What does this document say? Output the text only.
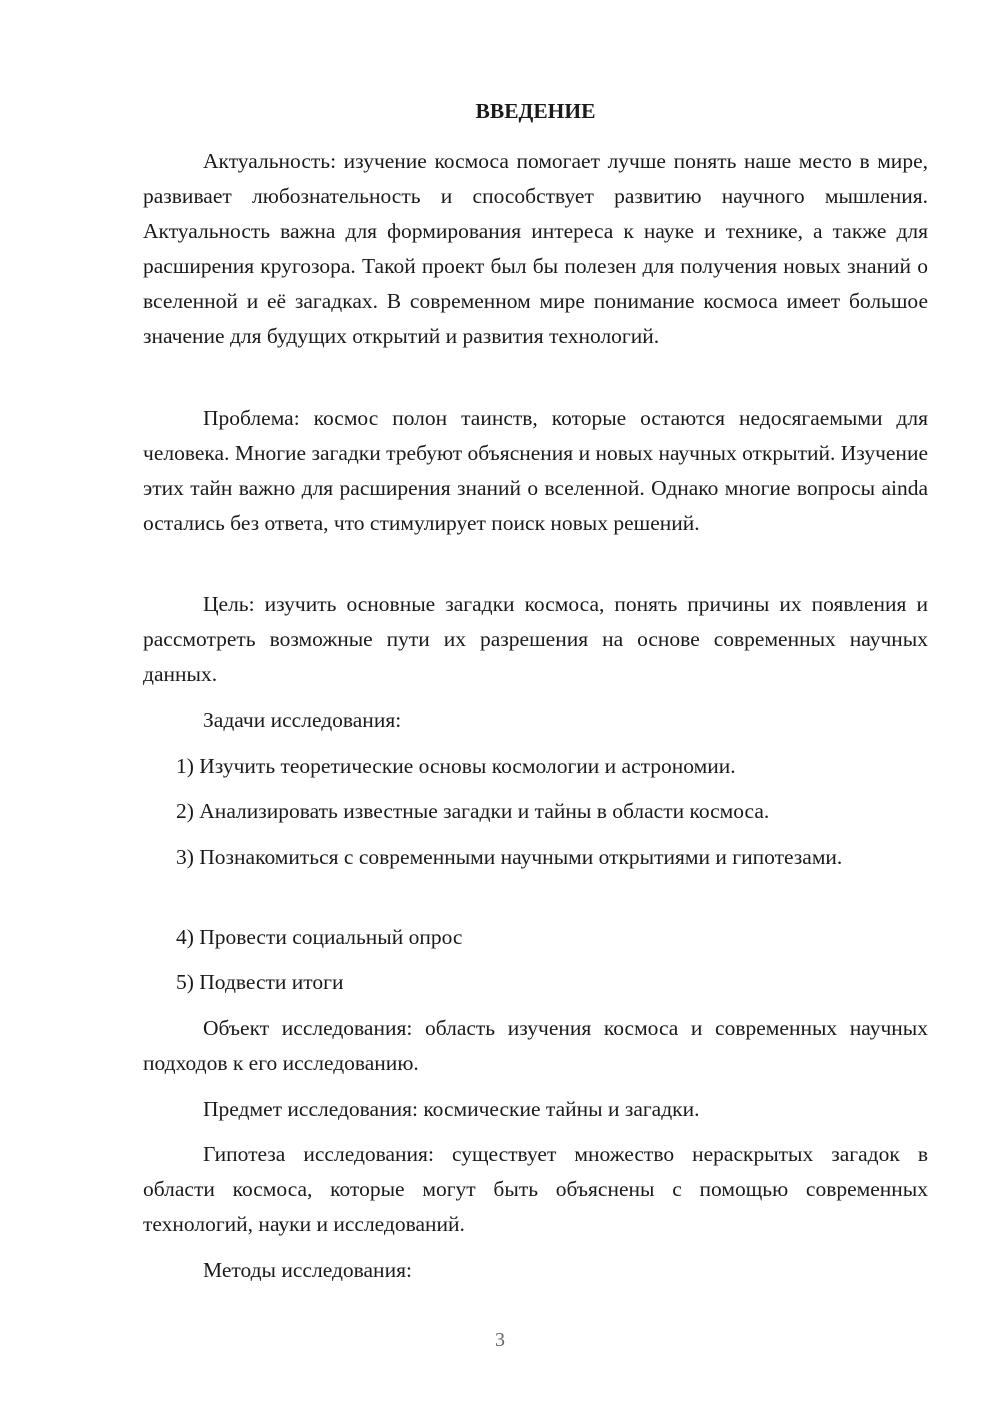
ВВЕДЕНИЕ

Актуальность: изучение космоса помогает лучше понять наше место в мире, развивает любознательность и способствует развитию научного мышления. Актуальность важна для формирования интереса к науке и технике, а также для расширения кругозора. Такой проект был бы полезен для получения новых знаний о вселенной и её загадках. В современном мире понимание космоса имеет большое значение для будущих открытий и развития технологий.

Проблема: космос полон таинств, которые остаются недосягаемыми для человека. Многие загадки требуют объяснения и новых научных открытий. Изучение этих тайн важно для расширения знаний о вселенной. Однако многие вопросы ainda остались без ответа, что стимулирует поиск новых решений.

Цель: изучить основные загадки космоса, понять причины их появления и рассмотреть возможные пути их разрешения на основе современных научных данных.

Задачи исследования:

1) Изучить теоретические основы космологии и астрономии.

2) Анализировать известные загадки и тайны в области космоса.

3) Познакомиться с современными научными открытиями и гипотезами.

4) Провести социальный опрос

5) Подвести итоги

Объект исследования: область изучения космоса и современных научных подходов к его исследованию.

Предмет исследования: космические тайны и загадки.

Гипотеза исследования: существует множество нераскрытых загадок в области космоса, которые могут быть объяснены с помощью современных технологий, науки и исследований.

Методы исследования:

3
